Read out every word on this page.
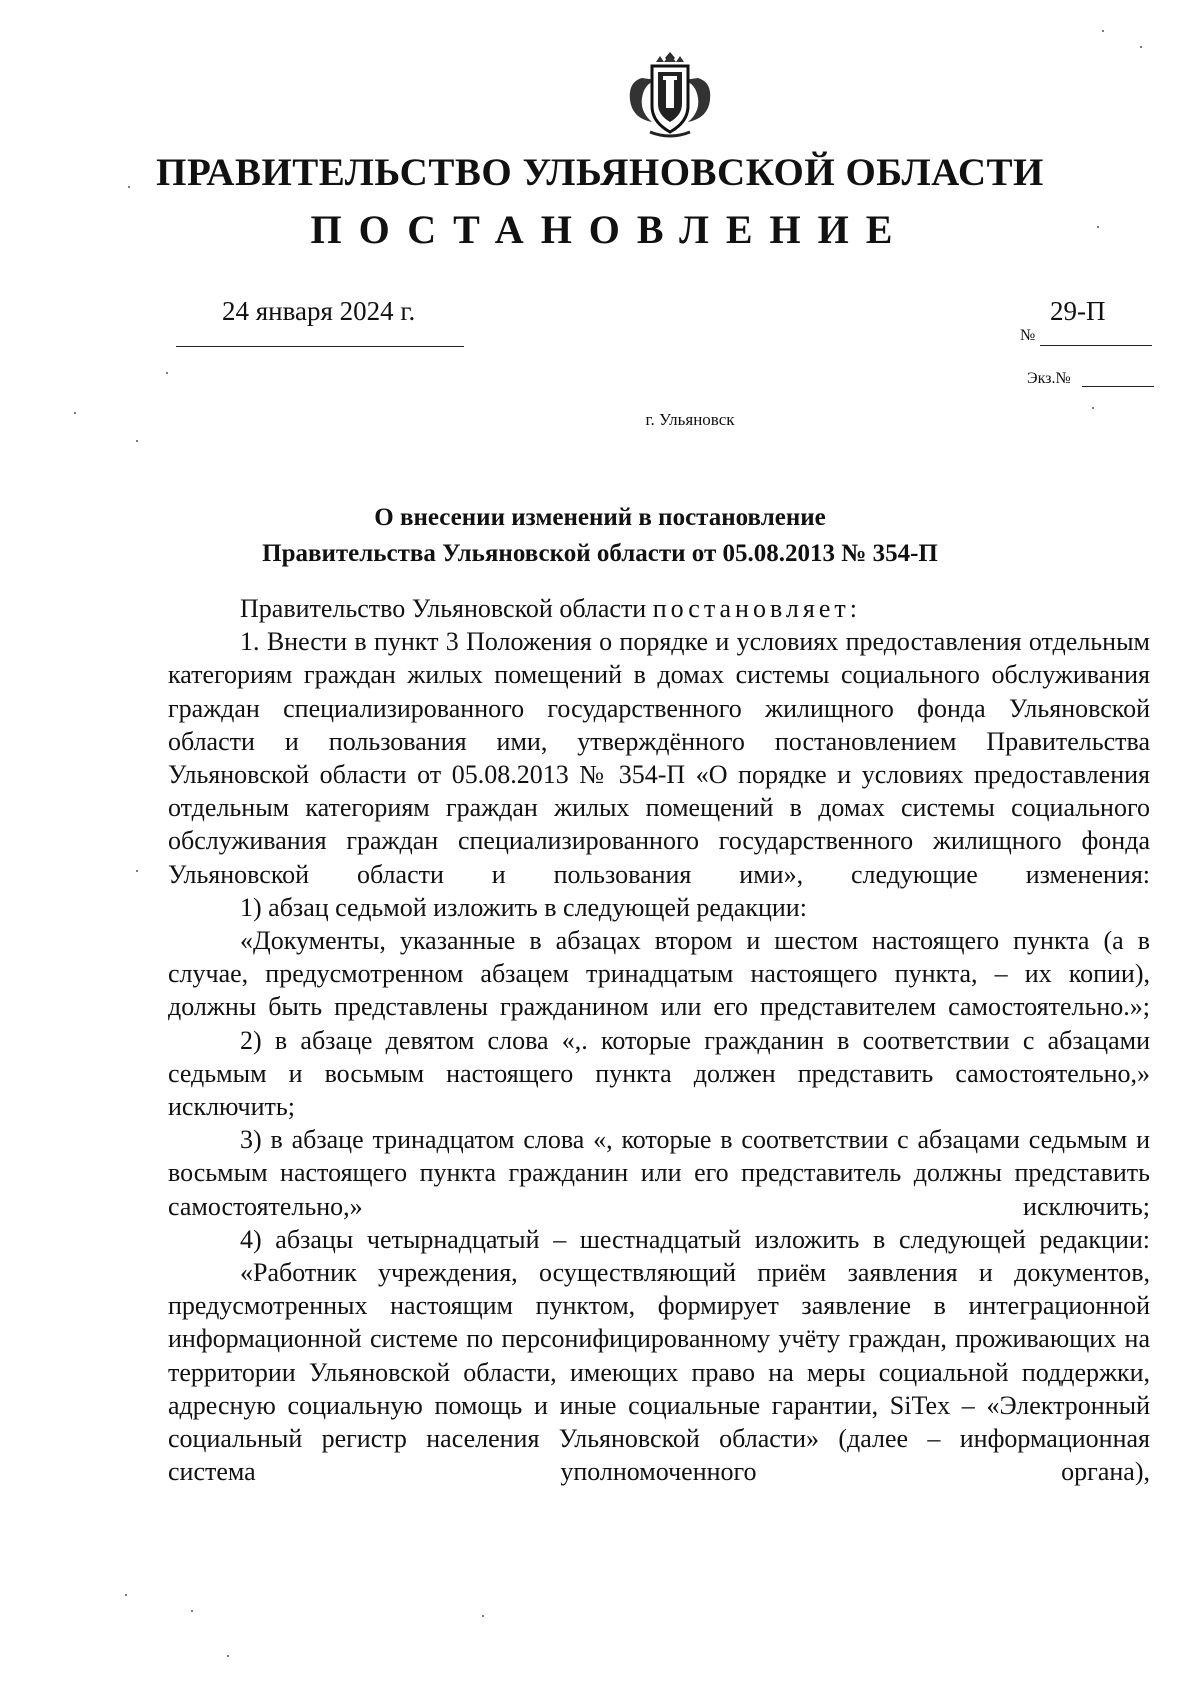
ПРАВИТЕЛЬСТВО УЛЬЯНОВСКОЙ ОБЛАСТИ
ПОСТАНОВЛЕНИЕ
24 января 2024 г.	29-П
№
Экз.№
г. Ульяновск
О внесении изменений в постановление
Правительства Ульяновской области от 05.08.2013 № 354-П

Правительство Ульяновской области постановляет:

1. Внести в пункт 3 Положения о порядке и условиях предоставления отдельным категориям граждан жилых помещений в домах системы социального обслуживания граждан специализированного государственного жилищного фонда Ульяновской области и пользования ими, утверждённого постановлением Правительства Ульяновской области от 05.08.2013 № 354-П «О порядке и условиях предоставления отдельным категориям граждан жилых помещений в домах системы социального обслуживания граждан специализированного государственного жилищного фонда Ульяновской области и пользования ими», следующие изменения:

1) абзац седьмой изложить в следующей редакции:

«Документы, указанные в абзацах втором и шестом настоящего пункта (а в случае, предусмотренном абзацем тринадцатым настоящего пункта, – их копии), должны быть представлены гражданином или его представителем самостоятельно.»;

2) в абзаце девятом слова «,. которые гражданин в соответствии с абзацами седьмым и восьмым настоящего пункта должен представить самостоятельно,» исключить;

3) в абзаце тринадцатом слова «, которые в соответствии с абзацами седьмым и восьмым настоящего пункта гражданин или его представитель должны представить самостоятельно,» исключить;

4) абзацы четырнадцатый – шестнадцатый изложить в следующей редакции:

«Работник учреждения, осуществляющий приём заявления и документов, предусмотренных настоящим пунктом, формирует заявление в интеграционной информационной системе по персонифицированному учёту граждан, проживающих на территории Ульяновской области, имеющих право на меры социальной поддержки, адресную социальную помощь и иные социальные гарантии, SiTex – «Электронный социальный регистр населения Ульяновской области» (далее – информационная система уполномоченного органа),
